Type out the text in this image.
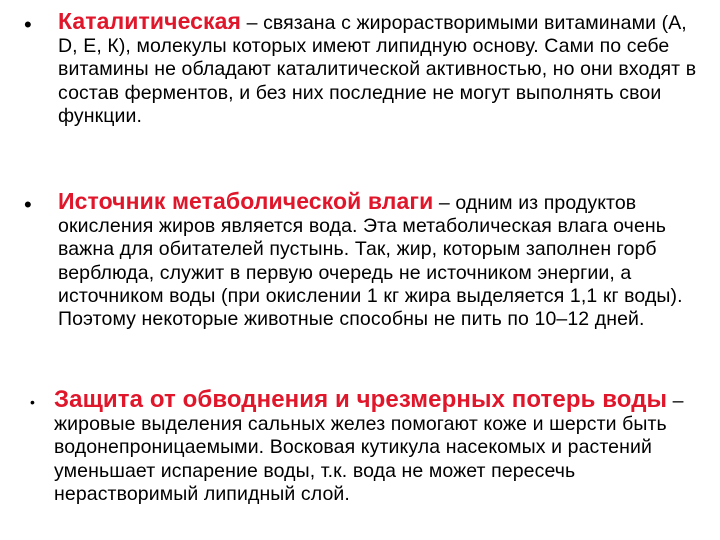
• Каталитическая – связана с жирорастворимыми витаминами (А, D, Е, К), молекулы которых имеют липидную основу. Сами по себе витамины не обладают каталитической активностью, но они входят в состав ферментов, и без них последние не могут выполнять свои функции.
• Источник метаболической влаги – одним из продуктов окисления жиров является вода. Эта метаболическая влага очень важна для обитателей пустынь. Так, жир, которым заполнен горб верблюда, служит в первую очередь не источником энергии, а источником воды (при окислении 1 кг жира выделяется 1,1 кг воды). Поэтому некоторые животные способны не пить по 10–12 дней.
• Защита от обводнения и чрезмерных потерь воды – жировые выделения сальных желез помогают коже и шерсти быть водонепроницаемыми. Восковая кутикула насекомых и растений уменьшает испарение воды, т.к. вода не может пересечь нерастворимый липидный слой.
